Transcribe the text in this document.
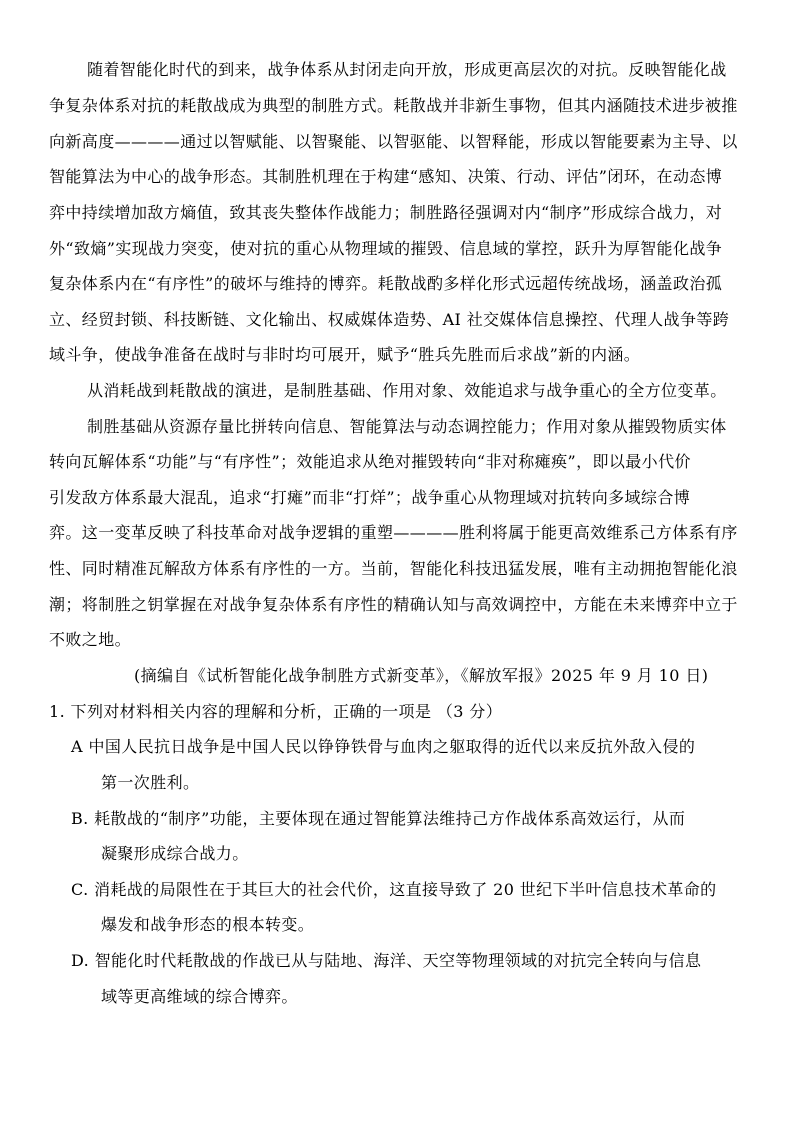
随着智能化时代的到来，战争体系从封闭走向开放，形成更高层次的对抗。反映智能化战
争复杂体系对抗的耗散战成为典型的制胜方式。耗散战并非新生事物，但其内涵随技术进步被推
向新高度————通过以智赋能、以智聚能、以智驱能、以智释能，形成以智能要素为主导、以
智能算法为中心的战争形态。其制胜机理在于构建“感知、决策、行动、评估”闭环，在动态博
弈中持续增加敌方熵值，致其丧失整体作战能力；制胜路径强调对内“制序”形成综合战力，对
外“致熵”实现战力突变，使对抗的重心从物理域的摧毁、信息域的掌控，跃升为厚智能化战争
复杂体系内在“有序性”的破坏与维持的博弈。耗散战酌多样化形式远超传统战场，涵盖政治孤
立、经贸封锁、科技断链、文化输出、权威媒体造势、AI 社交媒体信息操控、代理人战争等跨
域斗争，使战争准备在战时与非时均可展开，赋予“胜兵先胜而后求战”新的内涵。
从消耗战到耗散战的演进，是制胜基础、作用对象、效能追求与战争重心的全方位变革。
制胜基础从资源存量比拼转向信息、智能算法与动态调控能力；作用对象从摧毁物质实体
转向瓦解体系“功能”与“有序性”；效能追求从绝对摧毁转向“非对称瘫痪”，即以最小代价
引发敌方体系最大混乱，追求“打瘫”而非“打烊”；战争重心从物理域对抗转向多域综合博
弈。这一变革反映了科技革命对战争逻辑的重塑————胜利将属于能更高效维系己方体系有序
性、同时精准瓦解敌方体系有序性的一方。当前，智能化科技迅猛发展，唯有主动拥抱智能化浪
潮；将制胜之钥掌握在对战争复杂体系有序性的精确认知与高效调控中，方能在未来博弈中立于
不败之地。
(摘编自《试析智能化战争制胜方式新变革》，《解放军报》2025 年 9 月 10 日)
1. 下列对材料相关内容的理解和分析，正确的一项是 （3 分）
A 中国人民抗日战争是中国人民以铮铮铁骨与血肉之躯取得的近代以来反抗外敌入侵的
第一次胜利。
B. 耗散战的“制序”功能，主要体现在通过智能算法维持己方作战体系高效运行，从而
凝聚形成综合战力。
C. 消耗战的局限性在于其巨大的社会代价，这直接导致了 20 世纪下半叶信息技术革命的
爆发和战争形态的根本转变。
D. 智能化时代耗散战的作战已从与陆地、海洋、天空等物理领域的对抗完全转向与信息
域等更高维域的综合博弈。
